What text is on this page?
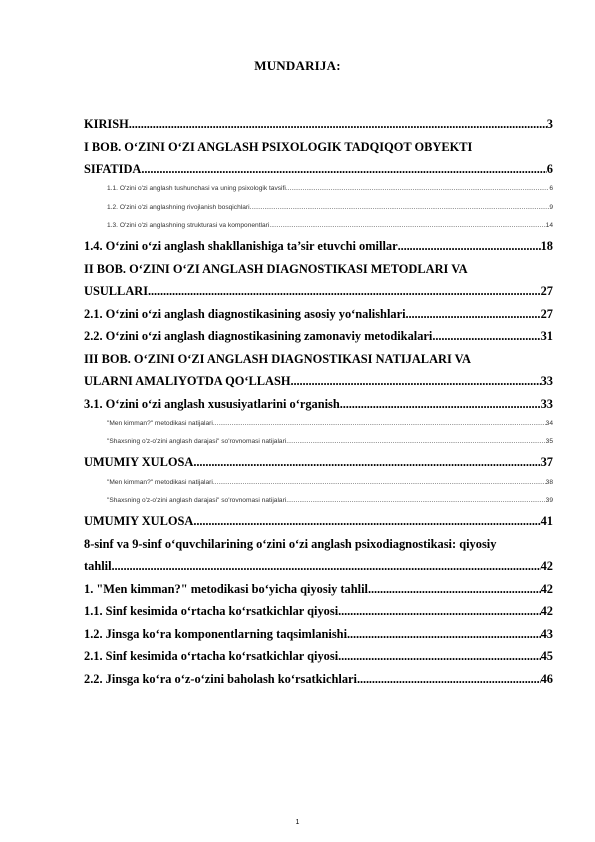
MUNDARIJA:
KIRISH . . .	3
I BOB. O‘ZINI O‘ZI ANGLASH PSIXOLOGIK TADQIQOT OBYEKTI
SIFATIDA . . .	6
1.1. O'zini o'zi anglash tushunchasi va uning psixologik tavsifi . . .	6
1.2. O'zini o'zi anglashning rivojlanish bosqichlari . . .	9
1.3. O'zini o'zi anglashning strukturasi va komponentlari . . .	14
1.4. O‘zini o‘zi anglash shakllanishiga ta’sir etuvchi omillar . . .	18
II BOB. O‘ZINI O‘ZI ANGLASH DIAGNOSTIKASI METODLARI VA
USULLARI . . .	27
2.1. O‘zini o‘zi anglash diagnostikasining asosiy yo‘nalishlari . . .	27
2.2. O‘zini o‘zi anglash diagnostikasining zamonaviy metodikalari . . .	31
III BOB. O‘ZINI O‘ZI ANGLASH DIAGNOSTIKASI NATIJALARI VA
ULARNI AMALIYOTDA QO‘LLASH . . .	33
3.1. O‘zini o‘zi anglash xususiyatlarini o‘rganish . . .	33
"Men kimman?" metodikasi natijalari . . .	34
"Shaxsning o'z-o'zini anglash darajasi" so'rovnomasi natijalari . . .	35
UMUMIY XULOSA . . .	37
"Men kimman?" metodikasi natijalari . . .	38
"Shaxsning o'z-o'zini anglash darajasi" so'rovnomasi natijalari . . .	39
UMUMIY XULOSA . . .	41
8-sinf va 9-sinf o‘quvchilarining o‘zini o‘zi anglash psixodiagnostikasi: qiyosiy
tahlil . . .	42
1. "Men kimman?" metodikasi bo‘yicha qiyosiy tahlil . . .	42
1.1. Sinf kesimida o‘rtacha ko‘rsatkichlar qiyosi . . .	42
1.2. Jinsga ko‘ra komponentlarning taqsimlanishi . . .	43
2.1. Sinf kesimida o‘rtacha ko‘rsatkichlar qiyosi . . .	45
2.2. Jinsga ko‘ra o‘z-o‘zini baholash ko‘rsatkichlari . . .	46
1
